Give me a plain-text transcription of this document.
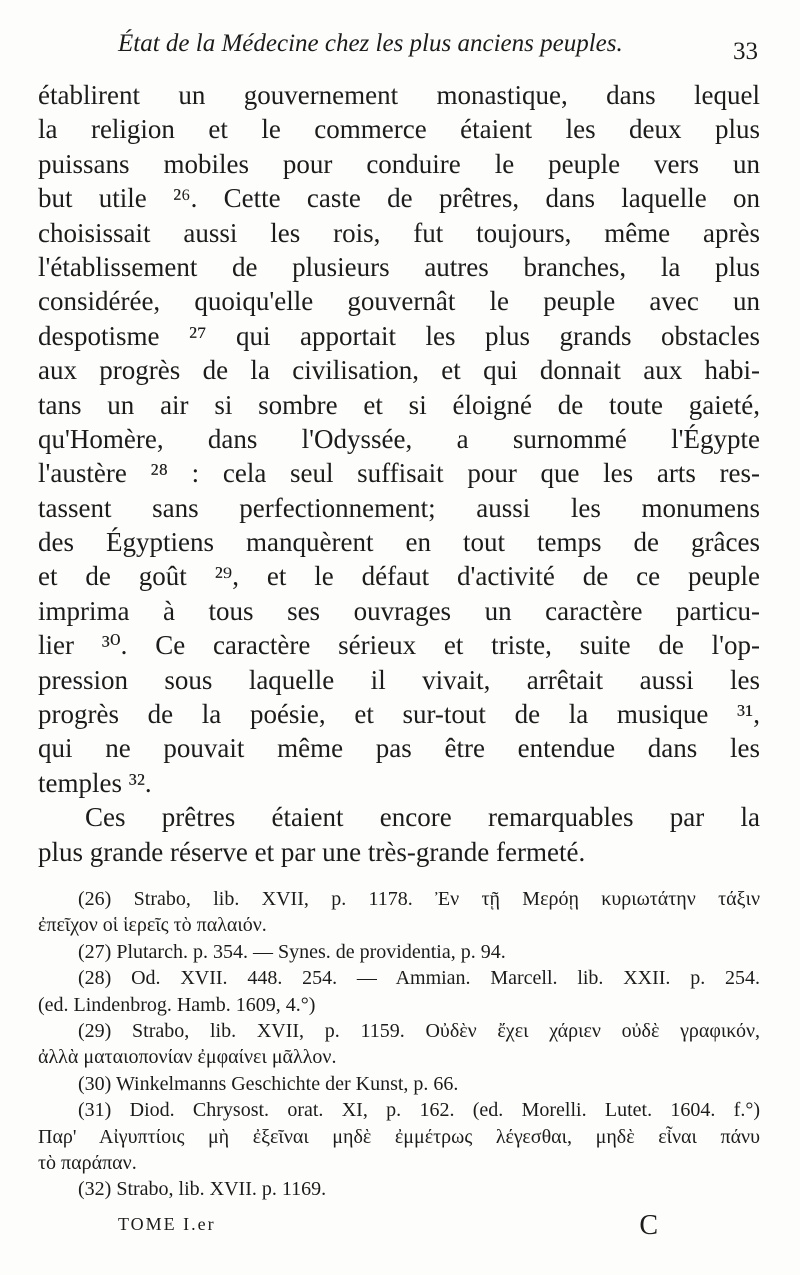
État de la Médecine chez les plus anciens peuples.	33
établirent un gouvernement monastique, dans lequel
la religion et le commerce étaient les deux plus
puissans mobiles pour conduire le peuple vers un
but utile ²⁶. Cette caste de prêtres, dans laquelle on
choisissait aussi les rois, fut toujours, même après
l'établissement de plusieurs autres branches, la plus
considérée, quoiqu'elle gouvernât le peuple avec un
despotisme ²⁷ qui apportait les plus grands obstacles
aux progrès de la civilisation, et qui donnait aux habi-
tans un air si sombre et si éloigné de toute gaieté,
qu'Homère, dans l'Odyssée, a surnommé l'Égypte
l'austère ²⁸ : cela seul suffisait pour que les arts res-
tassent sans perfectionnement; aussi les monumens
des Égyptiens manquèrent en tout temps de grâces
et de goût ²⁹, et le défaut d'activité de ce peuple
imprima à tous ses ouvrages un caractère particu-
lier ³⁰. Ce caractère sérieux et triste, suite de l'op-
pression sous laquelle il vivait, arrêtait aussi les
progrès de la poésie, et sur-tout de la musique ³¹,
qui ne pouvait même pas être entendue dans les
temples ³².
Ces prêtres étaient encore remarquables par la
plus grande réserve et par une très-grande fermeté.
(26) Strabo, lib. XVII, p. 1178. Ἐν τῇ Μερόῃ κυριωτάτην τάξιν
ἐπεῖχον οἱ ἱερεῖς τὸ παλαιόν.
(27) Plutarch. p. 354. — Synes. de providentia, p. 94.
(28) Od. XVII. 448. 254. — Ammian. Marcell. lib. XXII. p. 254.
(ed. Lindenbrog. Hamb. 1609, 4.°)
(29) Strabo, lib. XVII, p. 1159. Οὐδὲν ἔχει χάριεν οὐδὲ γραφικόν,
ἀλλὰ ματαιοπονίαν ἐμφαίνει μᾶλλον.
(30) Winkelmanns Geschichte der Kunst, p. 66.
(31) Diod. Chrysost. orat. XI, p. 162. (ed. Morelli. Lutet. 1604. f.°)
Παρ' Αἰγυπτίοις μὴ ἐξεῖναι μηδὲ ἐμμέτρως λέγεσθαι, μηδὲ εἶναι πάνυ
τὸ παράπαν.
(32) Strabo, lib. XVII. p. 1169.
TOME I.er	C
